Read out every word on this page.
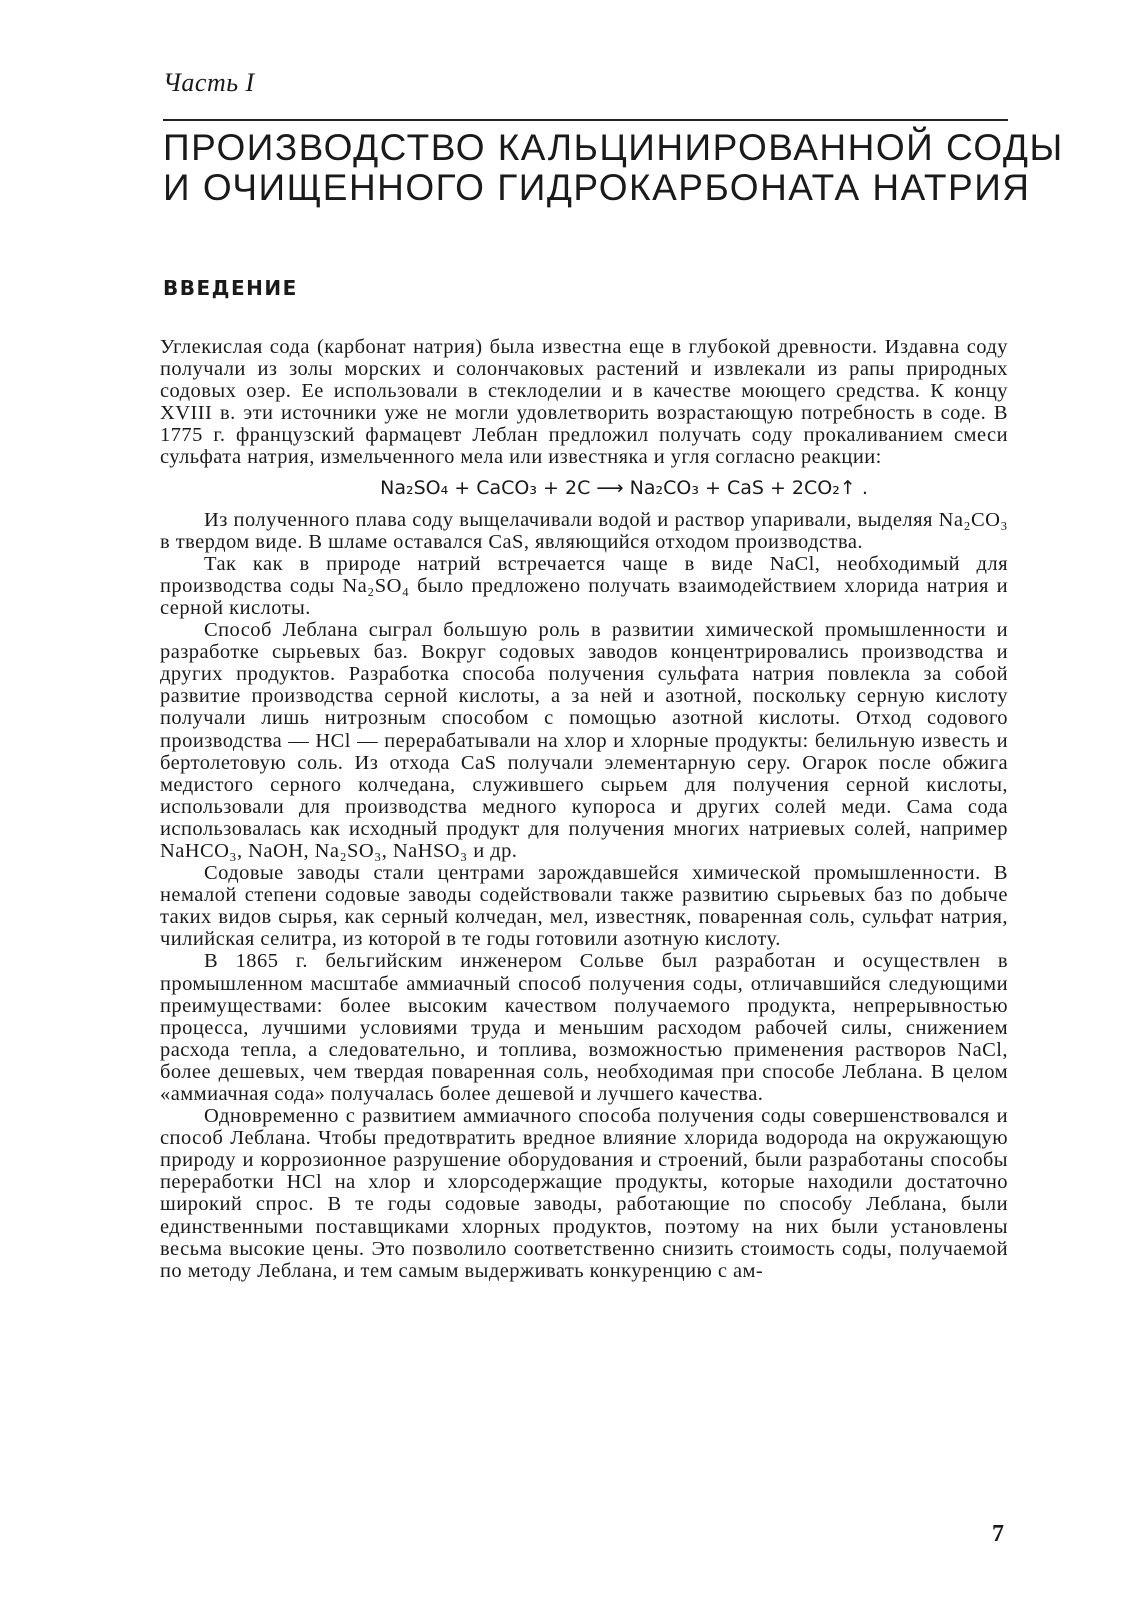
Часть I
ПРОИЗВОДСТВО КАЛЬЦИНИРОВАННОЙ СОДЫ
И ОЧИЩЕННОГО ГИДРОКАРБОНАТА НАТРИЯ
ВВЕДЕНИЕ

Углекислая сода (карбонат натрия) была известна еще в глубокой древности. Издавна соду получали из золы морских и солончаковых растений и извлекали из рапы природных содовых озер. Ее использовали в стеклоделии и в качестве моющего средства. К концу XVIII в. эти источники уже не могли удовлетворить возрастающую потребность в соде. В 1775 г. французский фармацевт Леблан предложил получать соду прокаливанием смеси сульфата натрия, измельченного мела или известняка и угля согласно реакции:

Na₂SO₄ + CaCO₃ + 2C ⟶ Na₂CO₃ + CaS + 2CO₂↑ .

Из полученного плава соду выщелачивали водой и раствор упаривали, выделяя Na₂CO₃ в твердом виде. В шламе оставался CaS, являющийся отходом производства.

Так как в природе натрий встречается чаще в виде NaCl, необходимый для производства соды Na₂SO₄ было предложено получать взаимодействием хлорида натрия и серной кислоты.

Способ Леблана сыграл большую роль в развитии химической промышленности и разработке сырьевых баз. Вокруг содовых заводов концентрировались производства и других продуктов. Разработка способа получения сульфата натрия повлекла за собой развитие производства серной кислоты, а за ней и азотной, поскольку серную кислоту получали лишь нитрозным способом с помощью азотной кислоты. Отход содового производства — HCl — перерабатывали на хлор и хлорные продукты: белильную известь и бертолетовую соль. Из отхода CaS получали элементарную серу. Огарок после обжига медистого серного колчедана, служившего сырьем для получения серной кислоты, использовали для производства медного купороса и других солей меди. Сама сода использовалась как исходный продукт для получения многих натриевых солей, например NaHCO₃, NaOH, Na₂SO₃, NaHSO₃ и др.

Содовые заводы стали центрами зарождавшейся химической промышленности. В немалой степени содовые заводы содействовали также развитию сырьевых баз по добыче таких видов сырья, как серный колчедан, мел, известняк, поваренная соль, сульфат натрия, чилийская селитра, из которой в те годы готовили азотную кислоту.

В 1865 г. бельгийским инженером Сольве был разработан и осуществлен в промышленном масштабе аммиачный способ получения соды, отличавшийся следующими преимуществами: более высоким качеством получаемого продукта, непрерывностью процесса, лучшими условиями труда и меньшим расходом рабочей силы, снижением расхода тепла, а следовательно, и топлива, возможностью применения растворов NaCl, более дешевых, чем твердая поваренная соль, необходимая при способе Леблана. В целом «аммиачная сода» получалась более дешевой и лучшего качества.

Одновременно с развитием аммиачного способа получения соды совершенствовался и способ Леблана. Чтобы предотвратить вредное влияние хлорида водорода на окружающую природу и коррозионное разрушение оборудования и строений, были разработаны способы переработки HCl на хлор и хлорсодержащие продукты, которые находили достаточно широкий спрос. В те годы содовые заводы, работающие по способу Леблана, были единственными поставщиками хлорных продуктов, поэтому на них были установлены весьма высокие цены. Это позволило соответственно снизить стоимость соды, получаемой по методу Леблана, и тем самым выдерживать конкуренцию с ам-

7
